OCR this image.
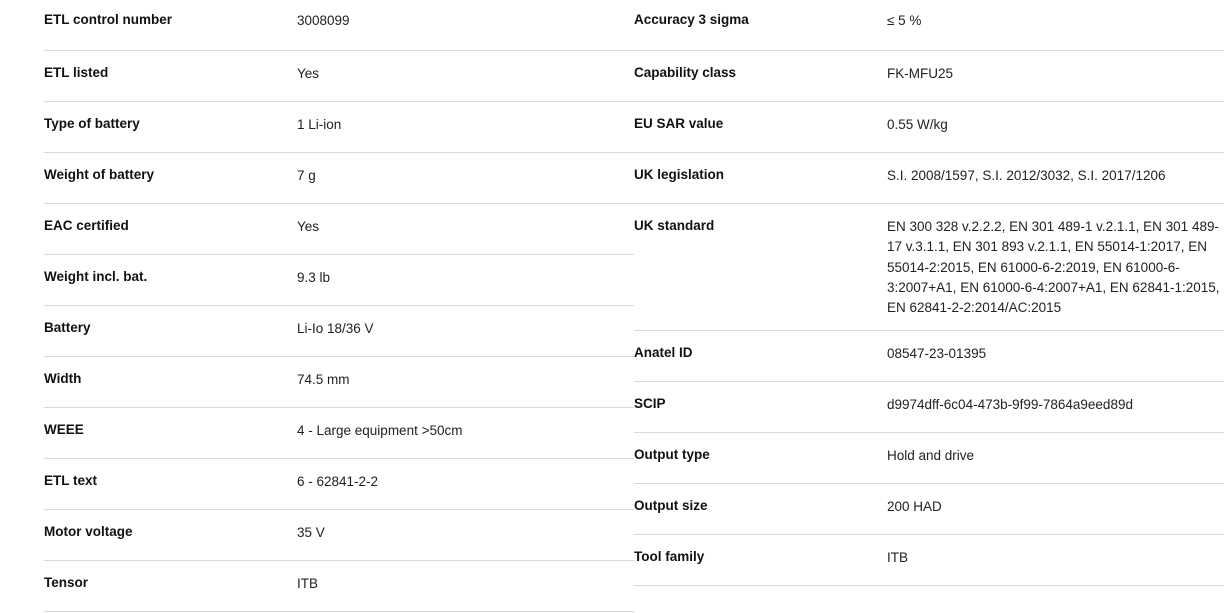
ETL control number	3008099
ETL listed	Yes
Type of battery	1 Li-ion
Weight of battery	7 g
EAC certified	Yes
Weight incl. bat.	9.3 lb
Battery	Li-Io 18/36 V
Width	74.5 mm
WEEE	4 - Large equipment >50cm
ETL text	6 - 62841-2-2
Motor voltage	35 V
Tensor	ITB
Accuracy 3 sigma	≤ 5 %
Capability class	FK-MFU25
EU SAR value	0.55 W/kg
UK legislation	S.I. 2008/1597, S.I. 2012/3032, S.I. 2017/1206
UK standard	EN 300 328 v.2.2.2, EN 301 489-1 v.2.1.1, EN 301 489-17 v.3.1.1, EN 301 893 v.2.1.1, EN 55014-1:2017, EN 55014-2:2015, EN 61000-6-2:2019, EN 61000-6-3:2007+A1, EN 61000-6-4:2007+A1, EN 62841-1:2015, EN 62841-2-2:2014/AC:2015
Anatel ID	08547-23-01395
SCIP	d9974dff-6c04-473b-9f99-7864a9eed89d
Output type	Hold and drive
Output size	200 HAD
Tool family	ITB
